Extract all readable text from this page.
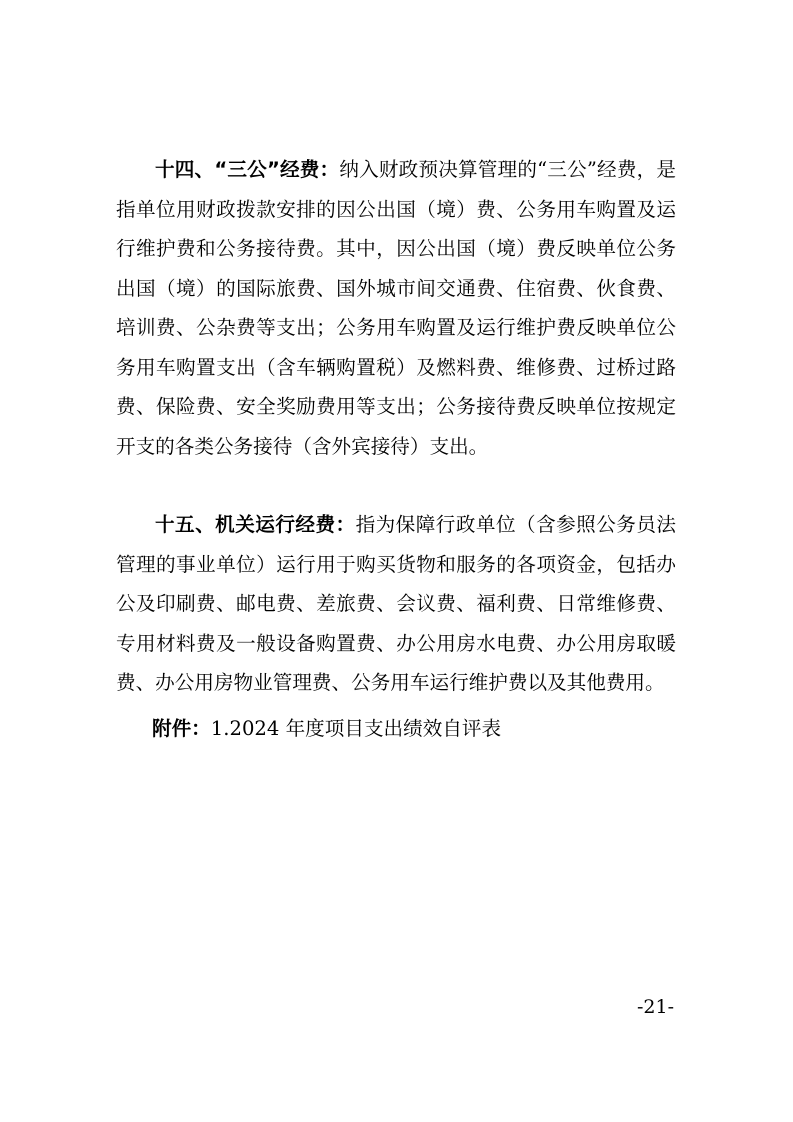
十四、“三公”经费：纳入财政预决算管理的“三公”经费，是指单位用财政拨款安排的因公出国（境）费、公务用车购置及运行维护费和公务接待费。其中，因公出国（境）费反映单位公务出国（境）的国际旅费、国外城市间交通费、住宿费、伙食费、培训费、公杂费等支出；公务用车购置及运行维护费反映单位公务用车购置支出（含车辆购置税）及燃料费、维修费、过桥过路费、保险费、安全奖励费用等支出；公务接待费反映单位按规定开支的各类公务接待（含外宾接待）支出。

十五、机关运行经费：指为保障行政单位（含参照公务员法管理的事业单位）运行用于购买货物和服务的各项资金，包括办公及印刷费、邮电费、差旅费、会议费、福利费、日常维修费、专用材料费及一般设备购置费、办公用房水电费、办公用房取暖费、办公用房物业管理费、公务用车运行维护费以及其他费用。

附件：1.2024 年度项目支出绩效自评表

-21-
